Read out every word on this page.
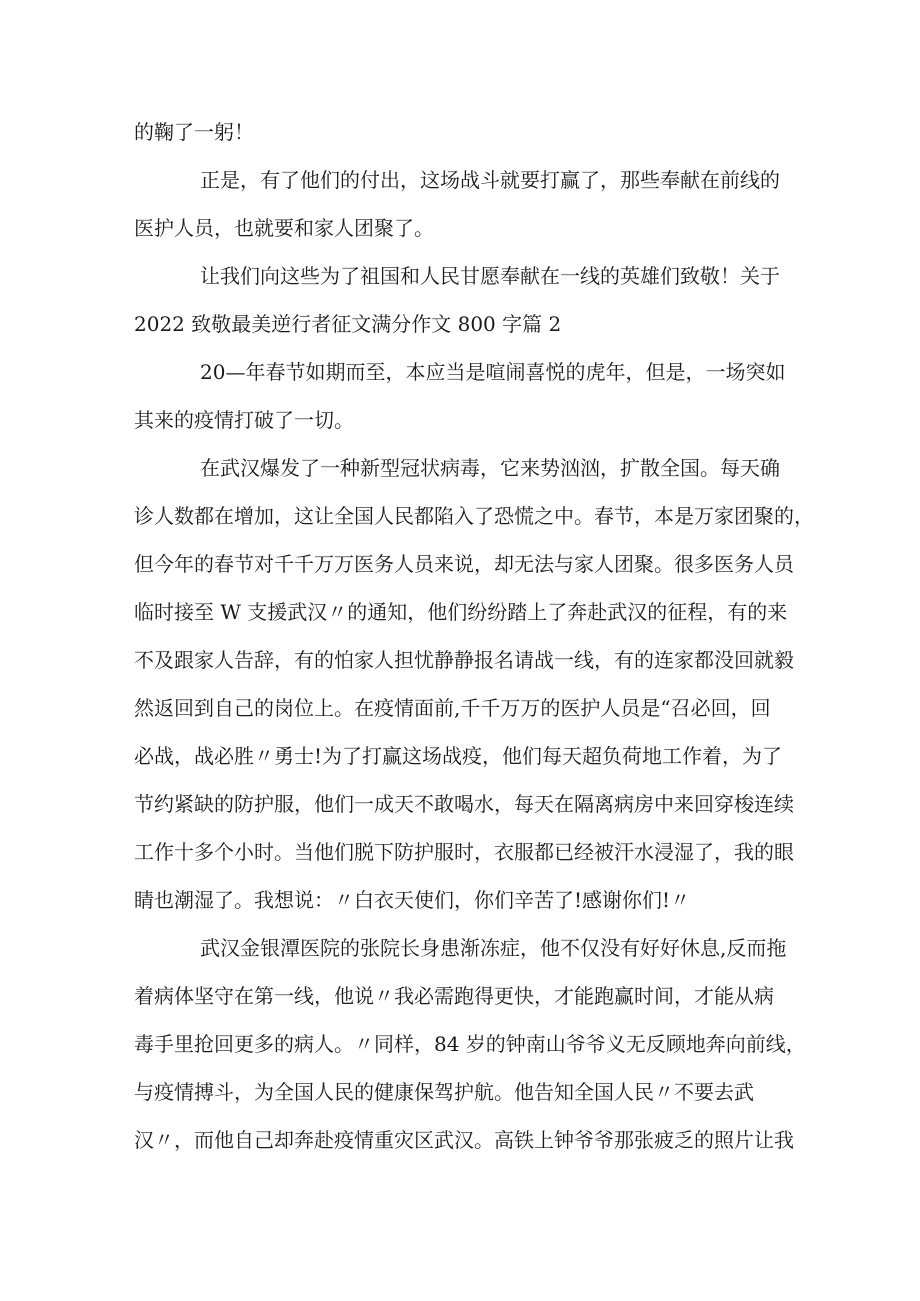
的鞠了一躬！
正是，有了他们的付出，这场战斗就要打赢了，那些奉献在前线的
医护人员，也就要和家人团聚了。
让我们向这些为了祖国和人民甘愿奉献在一线的英雄们致敬！关于
2022 致敬最美逆行者征文满分作文 800 字篇 2
20—年春节如期而至，本应当是喧闹喜悦的虎年，但是，一场突如
其来的疫情打破了一切。
在武汉爆发了一种新型冠状病毒，它来势汹汹，扩散全国。每天确
诊人数都在增加，这让全国人民都陷入了恐慌之中。春节，本是万家团聚的，
但今年的春节对千千万万医务人员来说，却无法与家人团聚。很多医务人员
临时接至 W 支援武汉〃的通知，他们纷纷踏上了奔赴武汉的征程，有的来
不及跟家人告辞，有的怕家人担忧静静报名请战一线，有的连家都没回就毅
然返回到自己的岗位上。在疫情面前,千千万万的医护人员是“召必回，回
必战，战必胜〃勇士!为了打赢这场战疫，他们每天超负荷地工作着，为了
节约紧缺的防护服，他们一成天不敢喝水，每天在隔离病房中来回穿梭连续
工作十多个小时。当他们脱下防护服时，衣服都已经被汗水浸湿了，我的眼
睛也潮湿了。我想说：〃白衣天使们，你们辛苦了!感谢你们!〃
武汉金银潭医院的张院长身患渐冻症，他不仅没有好好休息,反而拖
着病体坚守在第一线，他说〃我必需跑得更快，才能跑赢时间，才能从病
毒手里抢回更多的病人。〃同样，84 岁的钟南山爷爷义无反顾地奔向前线，
与疫情搏斗，为全国人民的健康保驾护航。他告知全国人民〃不要去武
汉〃，而他自己却奔赴疫情重灾区武汉。高铁上钟爷爷那张疲乏的照片让我
